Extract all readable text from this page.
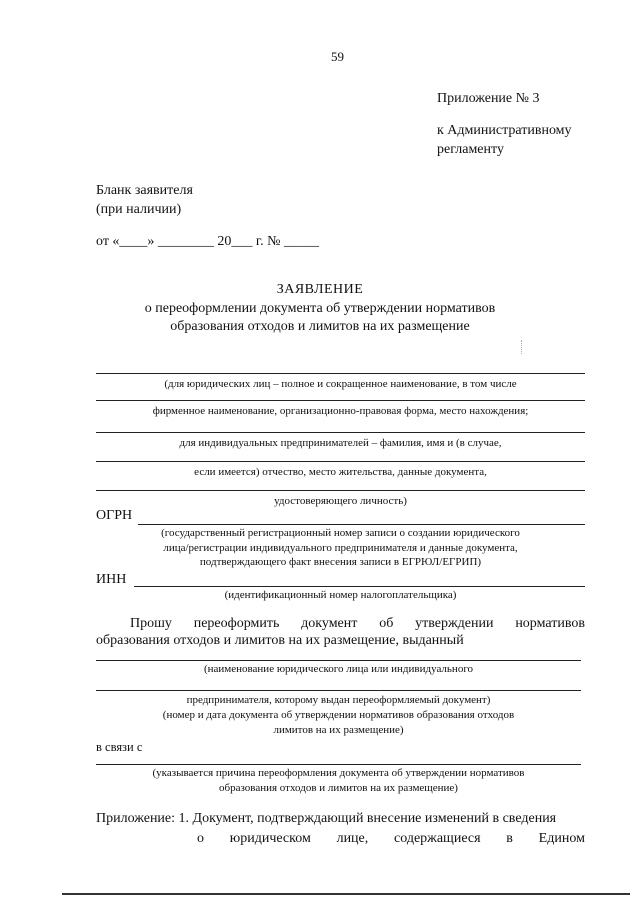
59
Приложение № 3
к Административному
регламенту
Бланк заявителя
(при наличии)
от «____» ________ 20___ г. № _____
ЗАЯВЛЕНИЕ
о переоформлении документа об утверждении нормативов
образования отходов и лимитов на их размещение
(для юридических лиц – полное и сокращенное наименование, в том числе
фирменное наименование, организационно-правовая форма, место нахождения;
для индивидуальных предпринимателей – фамилия, имя и (в случае,
если имеется) отчество, место жительства, данные документа,
удостоверяющего личность)
ОГРН
(государственный регистрационный номер записи о создании юридического
лица/регистрации индивидуального предпринимателя и данные документа,
подтверждающего факт внесения записи в ЕГРЮЛ/ЕГРИП)
ИНН
(идентификационный номер налогоплательщика)
Прошу переоформить документ об утверждении нормативов
образования отходов и лимитов на их размещение, выданный
(наименование юридического лица или индивидуального
предпринимателя, которому выдан переоформляемый документ)
(номер и дата документа об утверждении нормативов образования отходов
лимитов на их размещение)
в связи с
(указывается причина переоформления документа об утверждении нормативов
образования отходов и лимитов на их размещение)
Приложение: 1. Документ, подтверждающий внесение изменений в сведения
о юридическом лице, содержащиеся в Едином
